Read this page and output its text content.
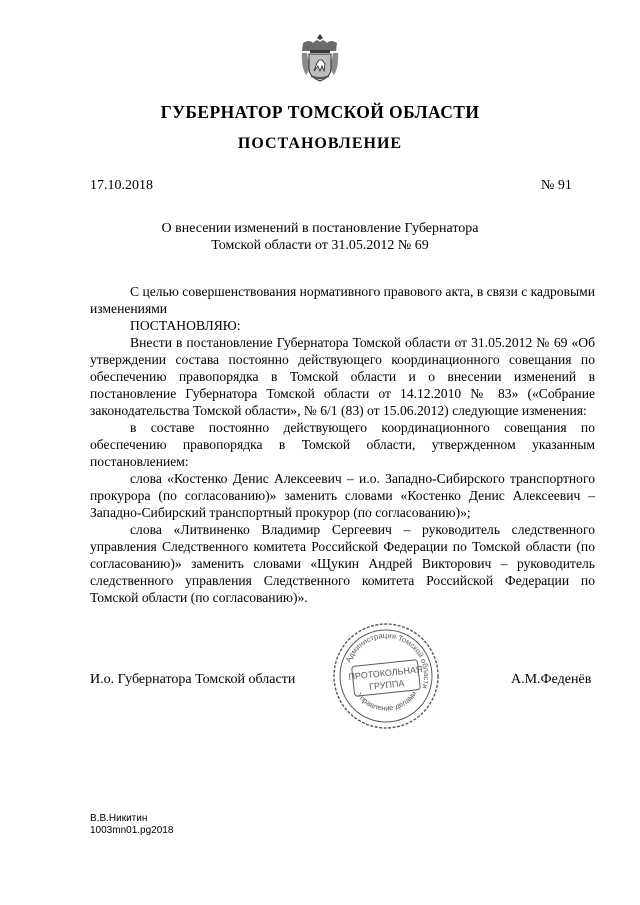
ГУБЕРНАТОР ТОМСКОЙ ОБЛАСТИ
ПОСТАНОВЛЕНИЕ
17.10.2018	№ 91
О внесении изменений в постановление Губернатора
Томской области от 31.05.2012 № 69

С целью совершенствования нормативного правового акта, в связи с кадровыми изменениями

ПОСТАНОВЛЯЮ:

Внести в постановление Губернатора Томской области от 31.05.2012 № 69 «Об утверждении состава постоянно действующего координационного совещания по обеспечению правопорядка в Томской области и о внесении изменений в постановление Губернатора Томской области от 14.12.2010 № 83» («Собрание законодательства Томской области», № 6/1 (83) от 15.06.2012) следующие изменения:

в составе постоянно действующего координационного совещания по обеспечению правопорядка в Томской области, утвержденном указанным постановлением:

слова «Костенко Денис Алексеевич – и.о. Западно-Сибирского транспортного прокурора (по согласованию)» заменить словами «Костенко Денис Алексеевич – Западно-Сибирский транспортный прокурор (по согласованию)»;

слова «Литвиненко Владимир Сергеевич – руководитель следственного управления Следственного комитета Российской Федерации по Томской области (по согласованию)» заменить словами «Щукин Андрей Викторович – руководитель следственного управления Следственного комитета Российской Федерации по Томской области (по согласованию)».

И.о. Губернатора Томской области	А.М.Феденёв
Администрация Томской области
Управление делами
ПРОТОКОЛЬНАЯ
ГРУППА
В.В.Никитин
1003mn01.pg2018
